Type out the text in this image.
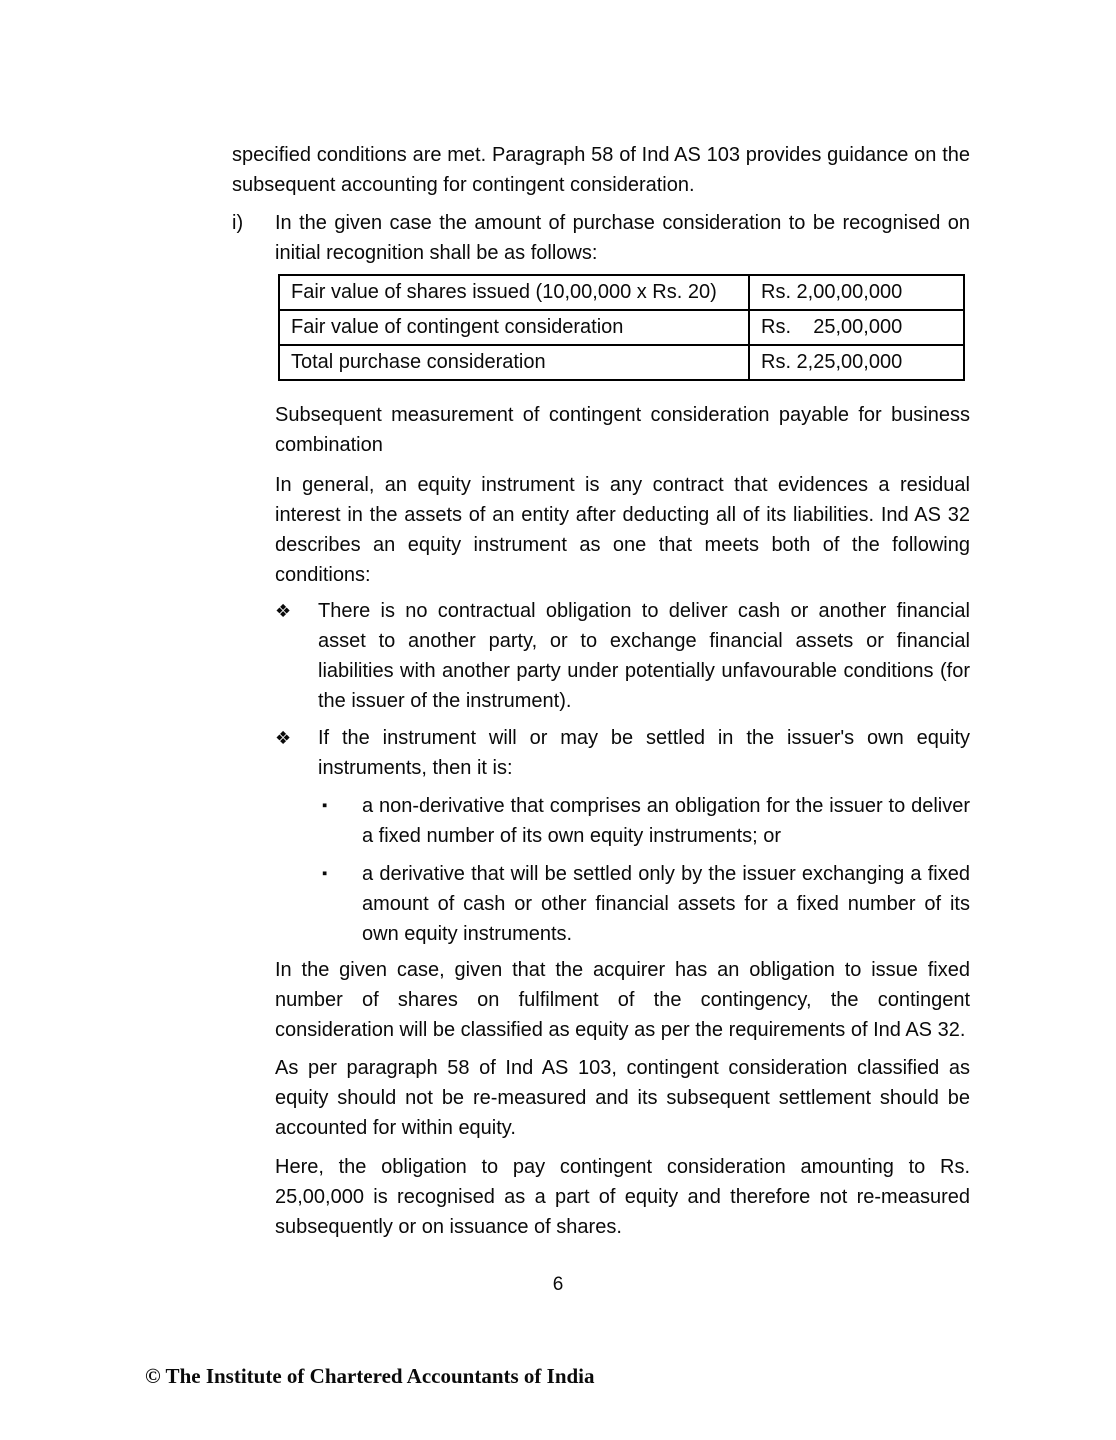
specified conditions are met. Paragraph 58 of Ind AS 103 provides guidance on the subsequent accounting for contingent consideration.

i)	In the given case the amount of purchase consideration to be recognised on initial recognition shall be as follows:

Fair value of shares issued (10,00,000 x Rs. 20)	Rs. 2,00,00,000
Fair value of contingent consideration	Rs.    25,00,000
Total purchase consideration	Rs. 2,25,00,000

Subsequent measurement of contingent consideration payable for business combination

In general, an equity instrument is any contract that evidences a residual interest in the assets of an entity after deducting all of its liabilities. Ind AS 32 describes an equity instrument as one that meets both of the following conditions:

❖	There is no contractual obligation to deliver cash or another financial asset to another party, or to exchange financial assets or financial liabilities with another party under potentially unfavourable conditions (for the issuer of the instrument).
❖	If the instrument will or may be settled in the issuer's own equity instruments, then it is:
▪	a non-derivative that comprises an obligation for the issuer to deliver a fixed number of its own equity instruments; or
▪	a derivative that will be settled only by the issuer exchanging a fixed amount of cash or other financial assets for a fixed number of its own equity instruments.

In the given case, given that the acquirer has an obligation to issue fixed number of shares on fulfilment of the contingency, the contingent consideration will be classified as equity as per the requirements of Ind AS 32.

As per paragraph 58 of Ind AS 103, contingent consideration classified as equity should not be re-measured and its subsequent settlement should be accounted for within equity.

Here, the obligation to pay contingent consideration amounting to Rs. 25,00,000 is recognised as a part of equity and therefore not re-measured subsequently or on issuance of shares.

6
© The Institute of Chartered Accountants of India
